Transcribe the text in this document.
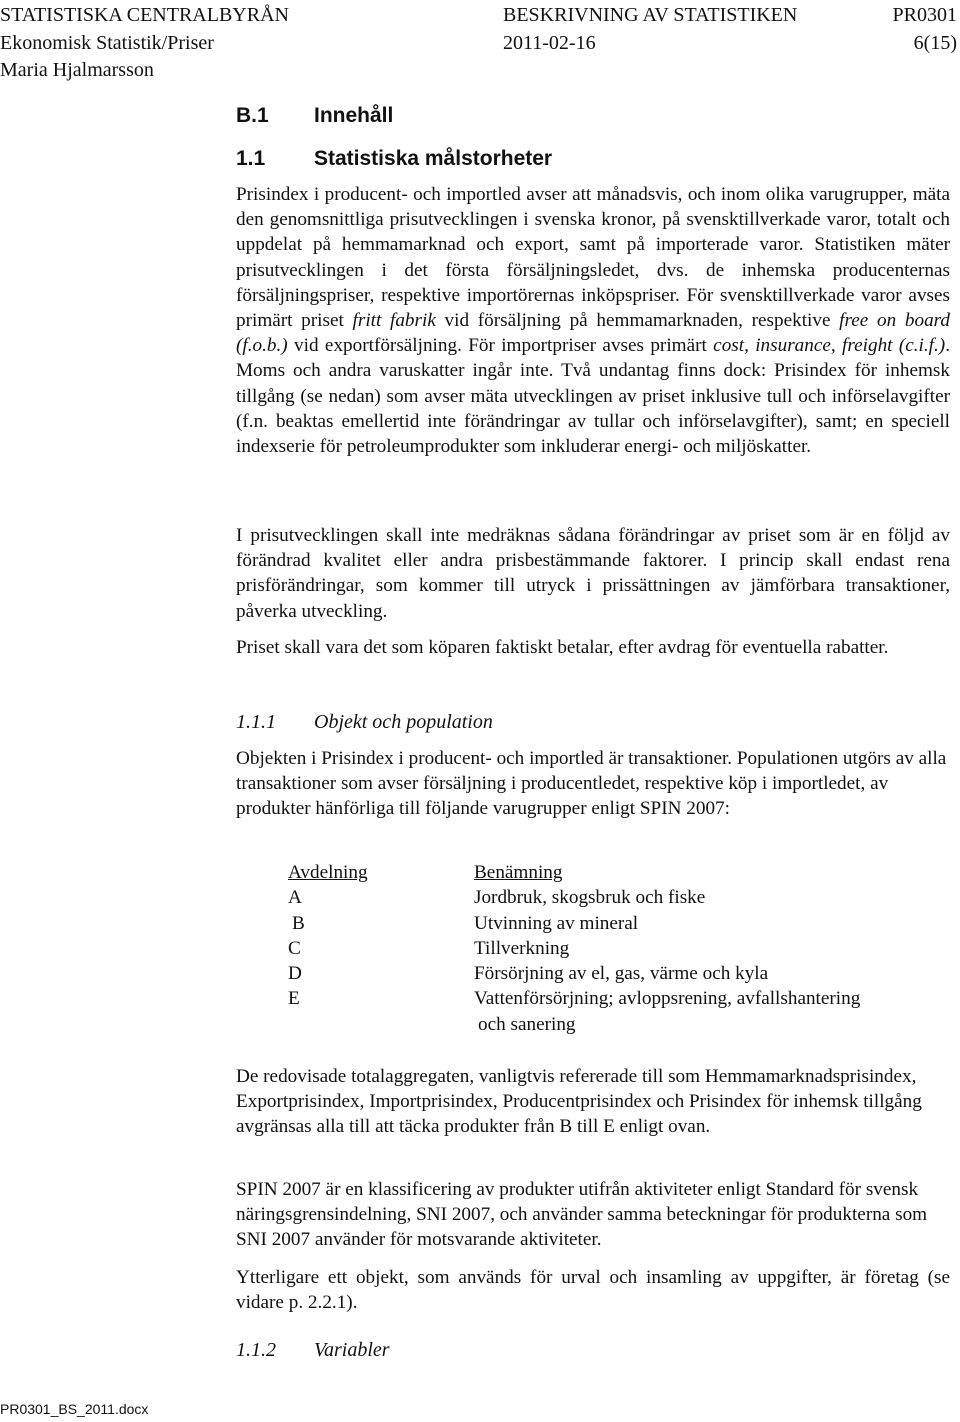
STATISTISKA CENTRALBYRÅN	BESKRIVNING AV STATISTIKEN	PR0301
Ekonomisk Statistik/Priser	2011-02-16	6(15)
Maria Hjalmarsson
B.1 Innehåll
1.1 Statistiska målstorheter

Prisindex i producent- och importled avser att månadsvis, och inom olika varugrupper, mäta den genomsnittliga prisutvecklingen i svenska kronor, på svensktillverkade varor, totalt och uppdelat på hemmamarknad och export, samt på importerade varor. Statistiken mäter prisutvecklingen i det första försäljningsledet, dvs. de inhemska producenternas försäljningspriser, respektive importörernas inköpspriser. För svensktillverkade varor avses primärt priset fritt fabrik vid försäljning på hemmamarknaden, respektive free on board (f.o.b.) vid exportförsäljning. För importpriser avses primärt cost, insurance, freight (c.i.f.). Moms och andra varuskatter ingår inte. Två undantag finns dock: Prisindex för inhemsk tillgång (se nedan) som avser mäta utvecklingen av priset inklusive tull och införselavgifter (f.n. beaktas emellertid inte förändringar av tullar och införselavgifter), samt; en speciell indexserie för petroleumprodukter som inkluderar energi- och miljöskatter.

I prisutvecklingen skall inte medräknas sådana förändringar av priset som är en följd av förändrad kvalitet eller andra prisbestämmande faktorer. I princip skall endast rena prisförändringar, som kommer till utryck i prissättningen av jämförbara transaktioner, påverka utveckling.

Priset skall vara det som köparen faktiskt betalar, efter avdrag för eventuella rabatter.

1.1.1 Objekt och population

Objekten i Prisindex i producent- och importled är transaktioner. Populationen utgörs av alla transaktioner som avser försäljning i producentledet, respektive köp i importledet, av produkter hänförliga till följande varugrupper enligt SPIN 2007:

Avdelning	Benämning
A	Jordbruk, skogsbruk och fiske
B	Utvinning av mineral
C	Tillverkning
D	Försörjning av el, gas, värme och kyla
E	Vattenförsörjning; avloppsrening, avfallshantering
och sanering

De redovisade totalaggregaten, vanligtvis refererade till som Hemmamarknadsprisindex, Exportprisindex, Importprisindex, Producentprisindex och Prisindex för inhemsk tillgång avgränsas alla till att täcka produkter från B till E enligt ovan.

SPIN 2007 är en klassificering av produkter utifrån aktiviteter enligt Standard för svensk näringsgrensindelning, SNI 2007, och använder samma beteckningar för produkterna som SNI 2007 använder för motsvarande aktiviteter.

Ytterligare ett objekt, som används för urval och insamling av uppgifter, är företag (se vidare p. 2.2.1).

1.1.2 Variabler
PR0301_BS_2011.docx
